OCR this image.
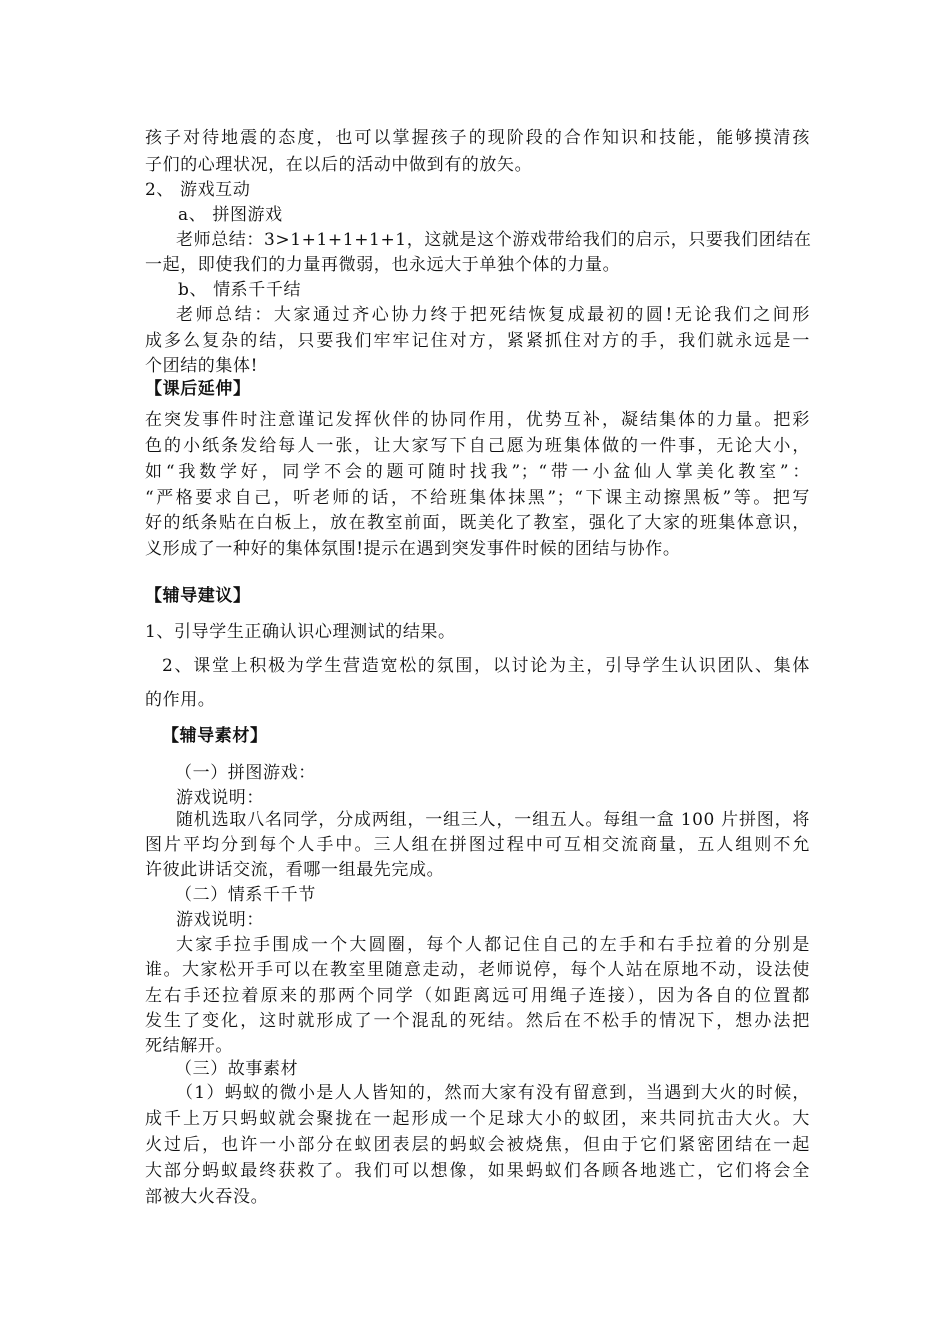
孩子对待地震的态度，也可以掌握孩子的现阶段的合作知识和技能，能够摸清孩
子们的心理状况，在以后的活动中做到有的放矢。
2、 游戏互动
a、 拼图游戏
老师总结：3>1+1+1+1+1，这就是这个游戏带给我们的启示，只要我们团结在
一起，即使我们的力量再微弱，也永远大于单独个体的力量。
b、 情系千千结
老师总结：大家通过齐心协力终于把死结恢复成最初的圆!无论我们之间形
成多么复杂的结，只要我们牢牢记住对方，紧紧抓住对方的手，我们就永远是一
个团结的集体!
【课后延伸】
在突发事件时注意谨记发挥伙伴的协同作用，优势互补，凝结集体的力量。把彩
色的小纸条发给每人一张，让大家写下自己愿为班集体做的一件事，无论大小，
如“我数学好，同学不会的题可随时找我”；“带一小盆仙人掌美化教室”：
“严格要求自己，听老师的话，不给班集体抹黑”；“下课主动擦黑板”等。把写
好的纸条贴在白板上，放在教室前面，既美化了教室，强化了大家的班集体意识，
义形成了一种好的集体氛围!提示在遇到突发事件时候的团结与协作。
【辅导建议】
1、引导学生正确认识心理测试的结果。
2、课堂上积极为学生营造宽松的氛围，以讨论为主，引导学生认识团队、集体
的作用。
【辅导素材】
（一）拼图游戏：
游戏说明：
随机选取八名同学，分成两组，一组三人，一组五人。每组一盒 100 片拼图，将
图片平均分到每个人手中。三人组在拼图过程中可互相交流商量，五人组则不允
许彼此讲话交流，看哪一组最先完成。
（二）情系千千节
游戏说明：
大家手拉手围成一个大圆圈，每个人都记住自己的左手和右手拉着的分别是
谁。大家松开手可以在教室里随意走动，老师说停，每个人站在原地不动，设法使
左右手还拉着原来的那两个同学（如距离远可用绳子连接），因为各自的位置都
发生了变化，这时就形成了一个混乱的死结。然后在不松手的情况下，想办法把
死结解开。
（三）故事素材
（1）蚂蚁的微小是人人皆知的，然而大家有没有留意到，当遇到大火的时候，
成千上万只蚂蚁就会聚拢在一起形成一个足球大小的蚁团，来共同抗击大火。大
火过后，也许一小部分在蚁团表层的蚂蚁会被烧焦，但由于它们紧密团结在一起
大部分蚂蚁最终获救了。我们可以想像，如果蚂蚁们各顾各地逃亡，它们将会全
部被大火吞没。
